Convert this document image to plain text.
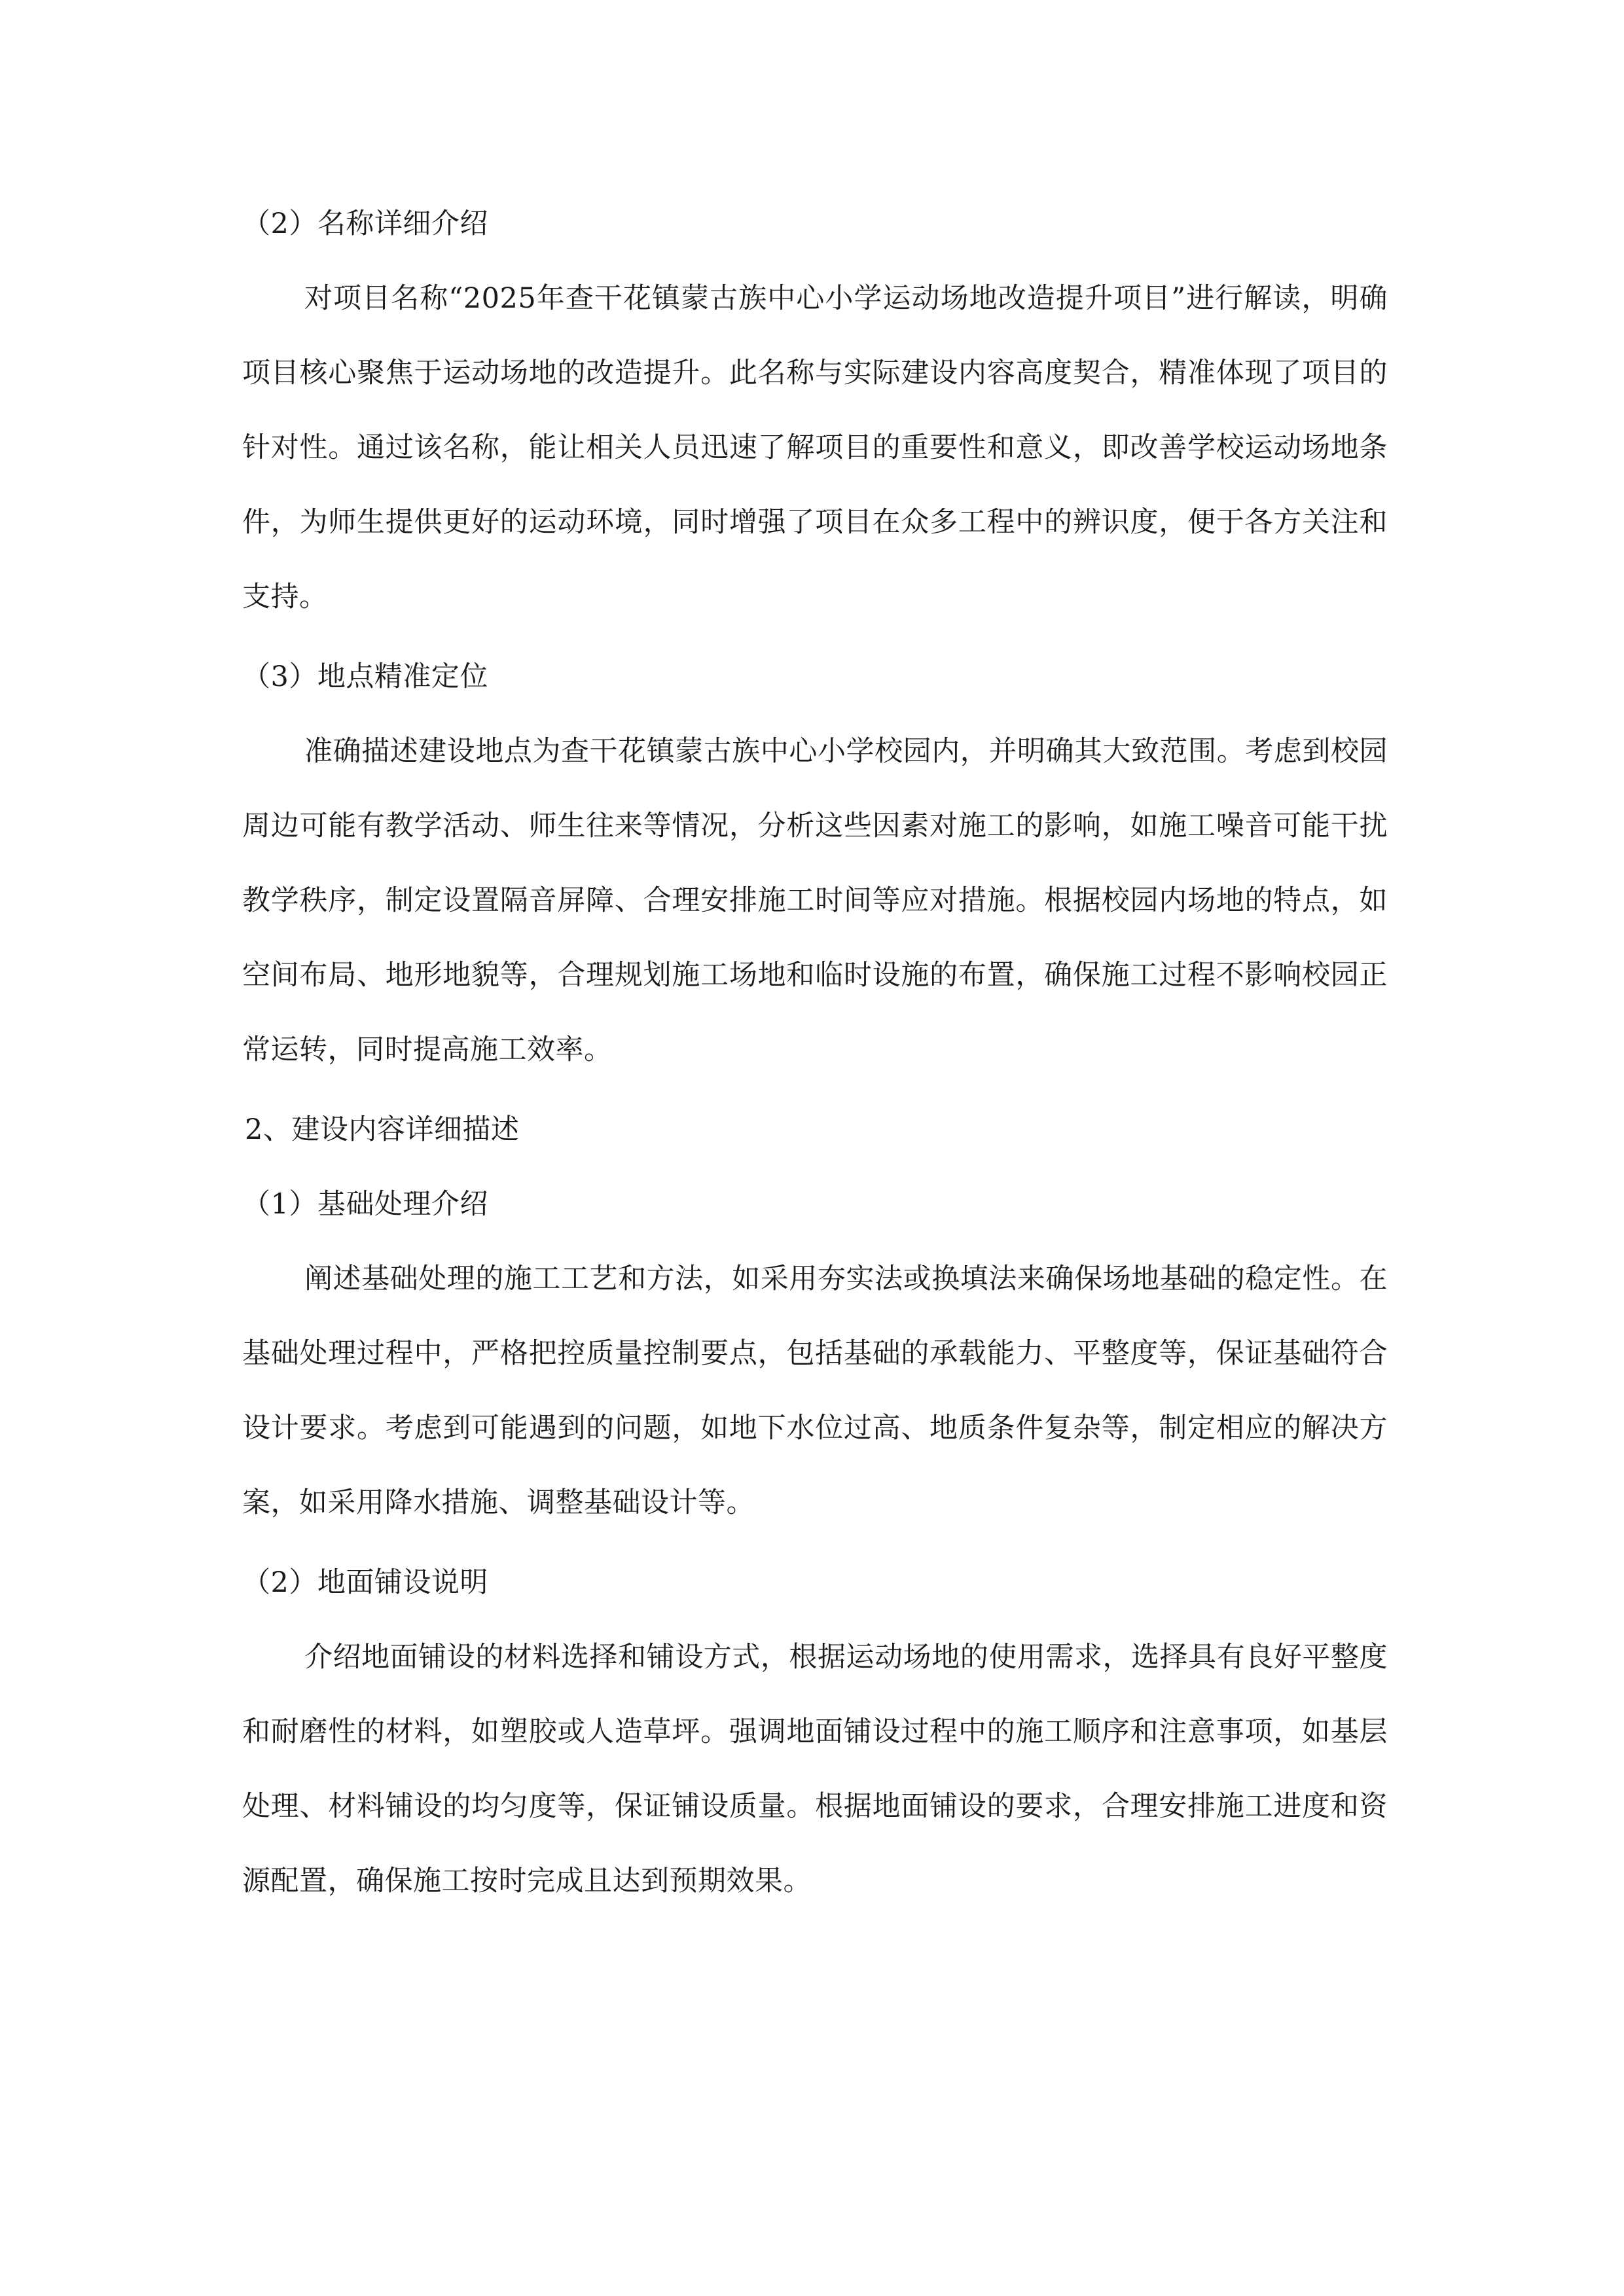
（2）名称详细介绍

对项目名称“2025年查干花镇蒙古族中心小学运动场地改造提升项目”进行解读，明确项目核心聚焦于运动场地的改造提升。此名称与实际建设内容高度契合，精准体现了项目的针对性。通过该名称，能让相关人员迅速了解项目的重要性和意义，即改善学校运动场地条件，为师生提供更好的运动环境，同时增强了项目在众多工程中的辨识度，便于各方关注和支持。

（3）地点精准定位

准确描述建设地点为查干花镇蒙古族中心小学校园内，并明确其大致范围。考虑到校园周边可能有教学活动、师生往来等情况，分析这些因素对施工的影响，如施工噪音可能干扰教学秩序，制定设置隔音屏障、合理安排施工时间等应对措施。根据校园内场地的特点，如空间布局、地形地貌等，合理规划施工场地和临时设施的布置，确保施工过程不影响校园正常运转，同时提高施工效率。

2、建设内容详细描述

（1）基础处理介绍

阐述基础处理的施工工艺和方法，如采用夯实法或换填法来确保场地基础的稳定性。在基础处理过程中，严格把控质量控制要点，包括基础的承载能力、平整度等，保证基础符合设计要求。考虑到可能遇到的问题，如地下水位过高、地质条件复杂等，制定相应的解决方案，如采用降水措施、调整基础设计等。

（2）地面铺设说明

介绍地面铺设的材料选择和铺设方式，根据运动场地的使用需求，选择具有良好平整度和耐磨性的材料，如塑胶或人造草坪。强调地面铺设过程中的施工顺序和注意事项，如基层处理、材料铺设的均匀度等，保证铺设质量。根据地面铺设的要求，合理安排施工进度和资源配置，确保施工按时完成且达到预期效果。
